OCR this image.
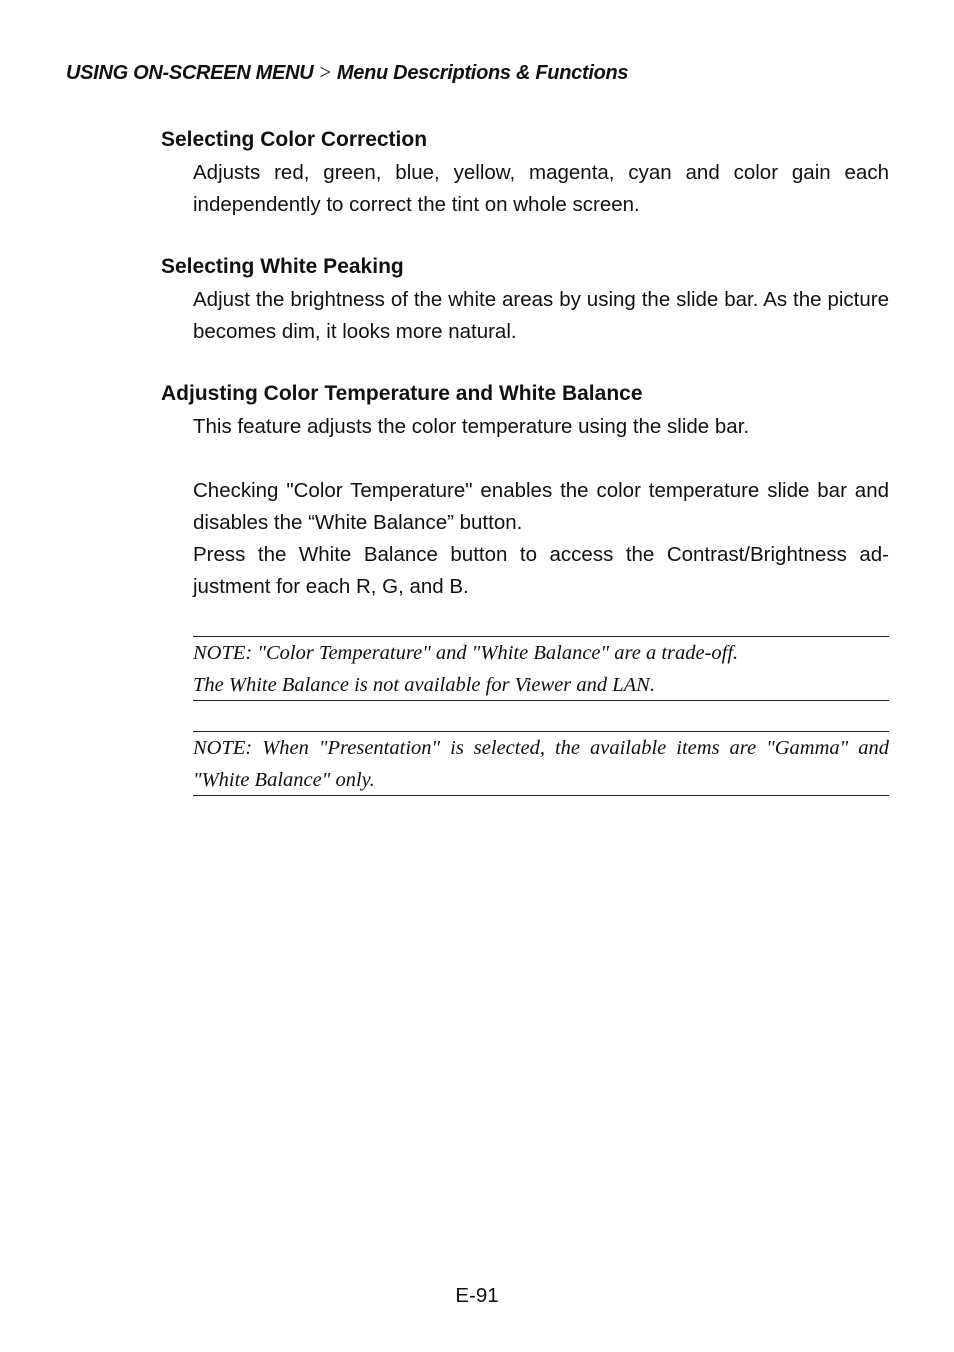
USING ON-SCREEN MENU > Menu Descriptions & Functions
Selecting Color Correction

Adjusts red, green, blue, yellow, magenta, cyan and color gain each independently to correct the tint on whole screen.

Selecting White Peaking

Adjust the brightness of the white areas by using the slide bar. As the picture becomes dim, it looks more natural.

Adjusting Color Temperature and White Balance

This feature adjusts the color temperature using the slide bar.

Checking "Color Temperature" enables the color temperature slide bar and disables the “White Balance” button.

Press the White Balance button to access the Contrast/Brightness ad-justment for each R, G, and B.

NOTE: "Color Temperature" and "White Balance" are a trade-off.

The White Balance is not available for Viewer and LAN.

NOTE: When "Presentation" is selected, the available items are "Gamma" and "White Balance" only.

E-91
